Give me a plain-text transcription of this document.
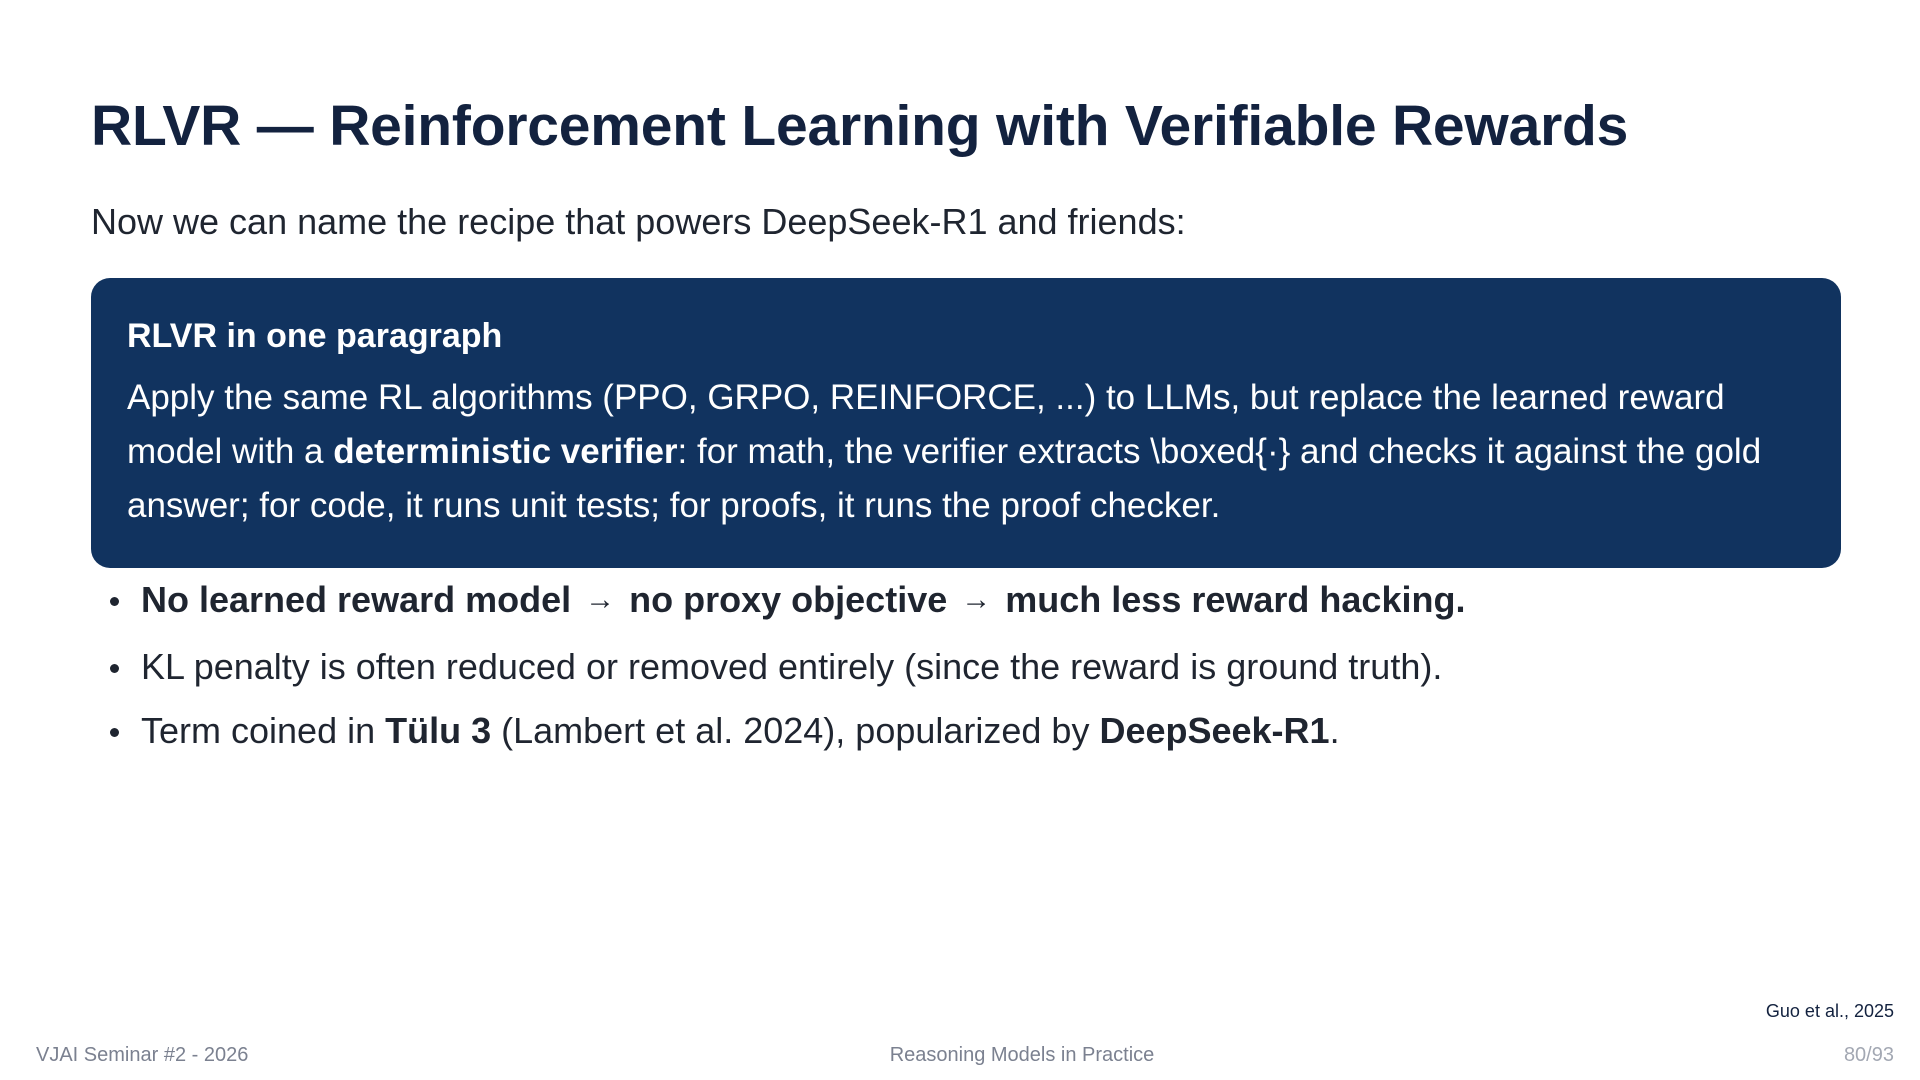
RLVR — Reinforcement Learning with Verifiable Rewards

Now we can name the recipe that powers DeepSeek-R1 and friends:

RLVR in one paragraph

Apply the same RL algorithms (PPO, GRPO, REINFORCE, ...) to LLMs, but replace the learned reward model with a deterministic verifier: for math, the verifier extracts \boxed{·} and checks it against the gold answer; for code, it runs unit tests; for proofs, it runs the proof checker.

No learned reward model → no proxy objective → much less reward hacking.
KL penalty is often reduced or removed entirely (since the reward is ground truth).
Term coined in Tülu 3 (Lambert et al. 2024), popularized by DeepSeek-R1.
Guo et al., 2025
VJAI Seminar #2 - 2026	Reasoning Models in Practice	80/93
